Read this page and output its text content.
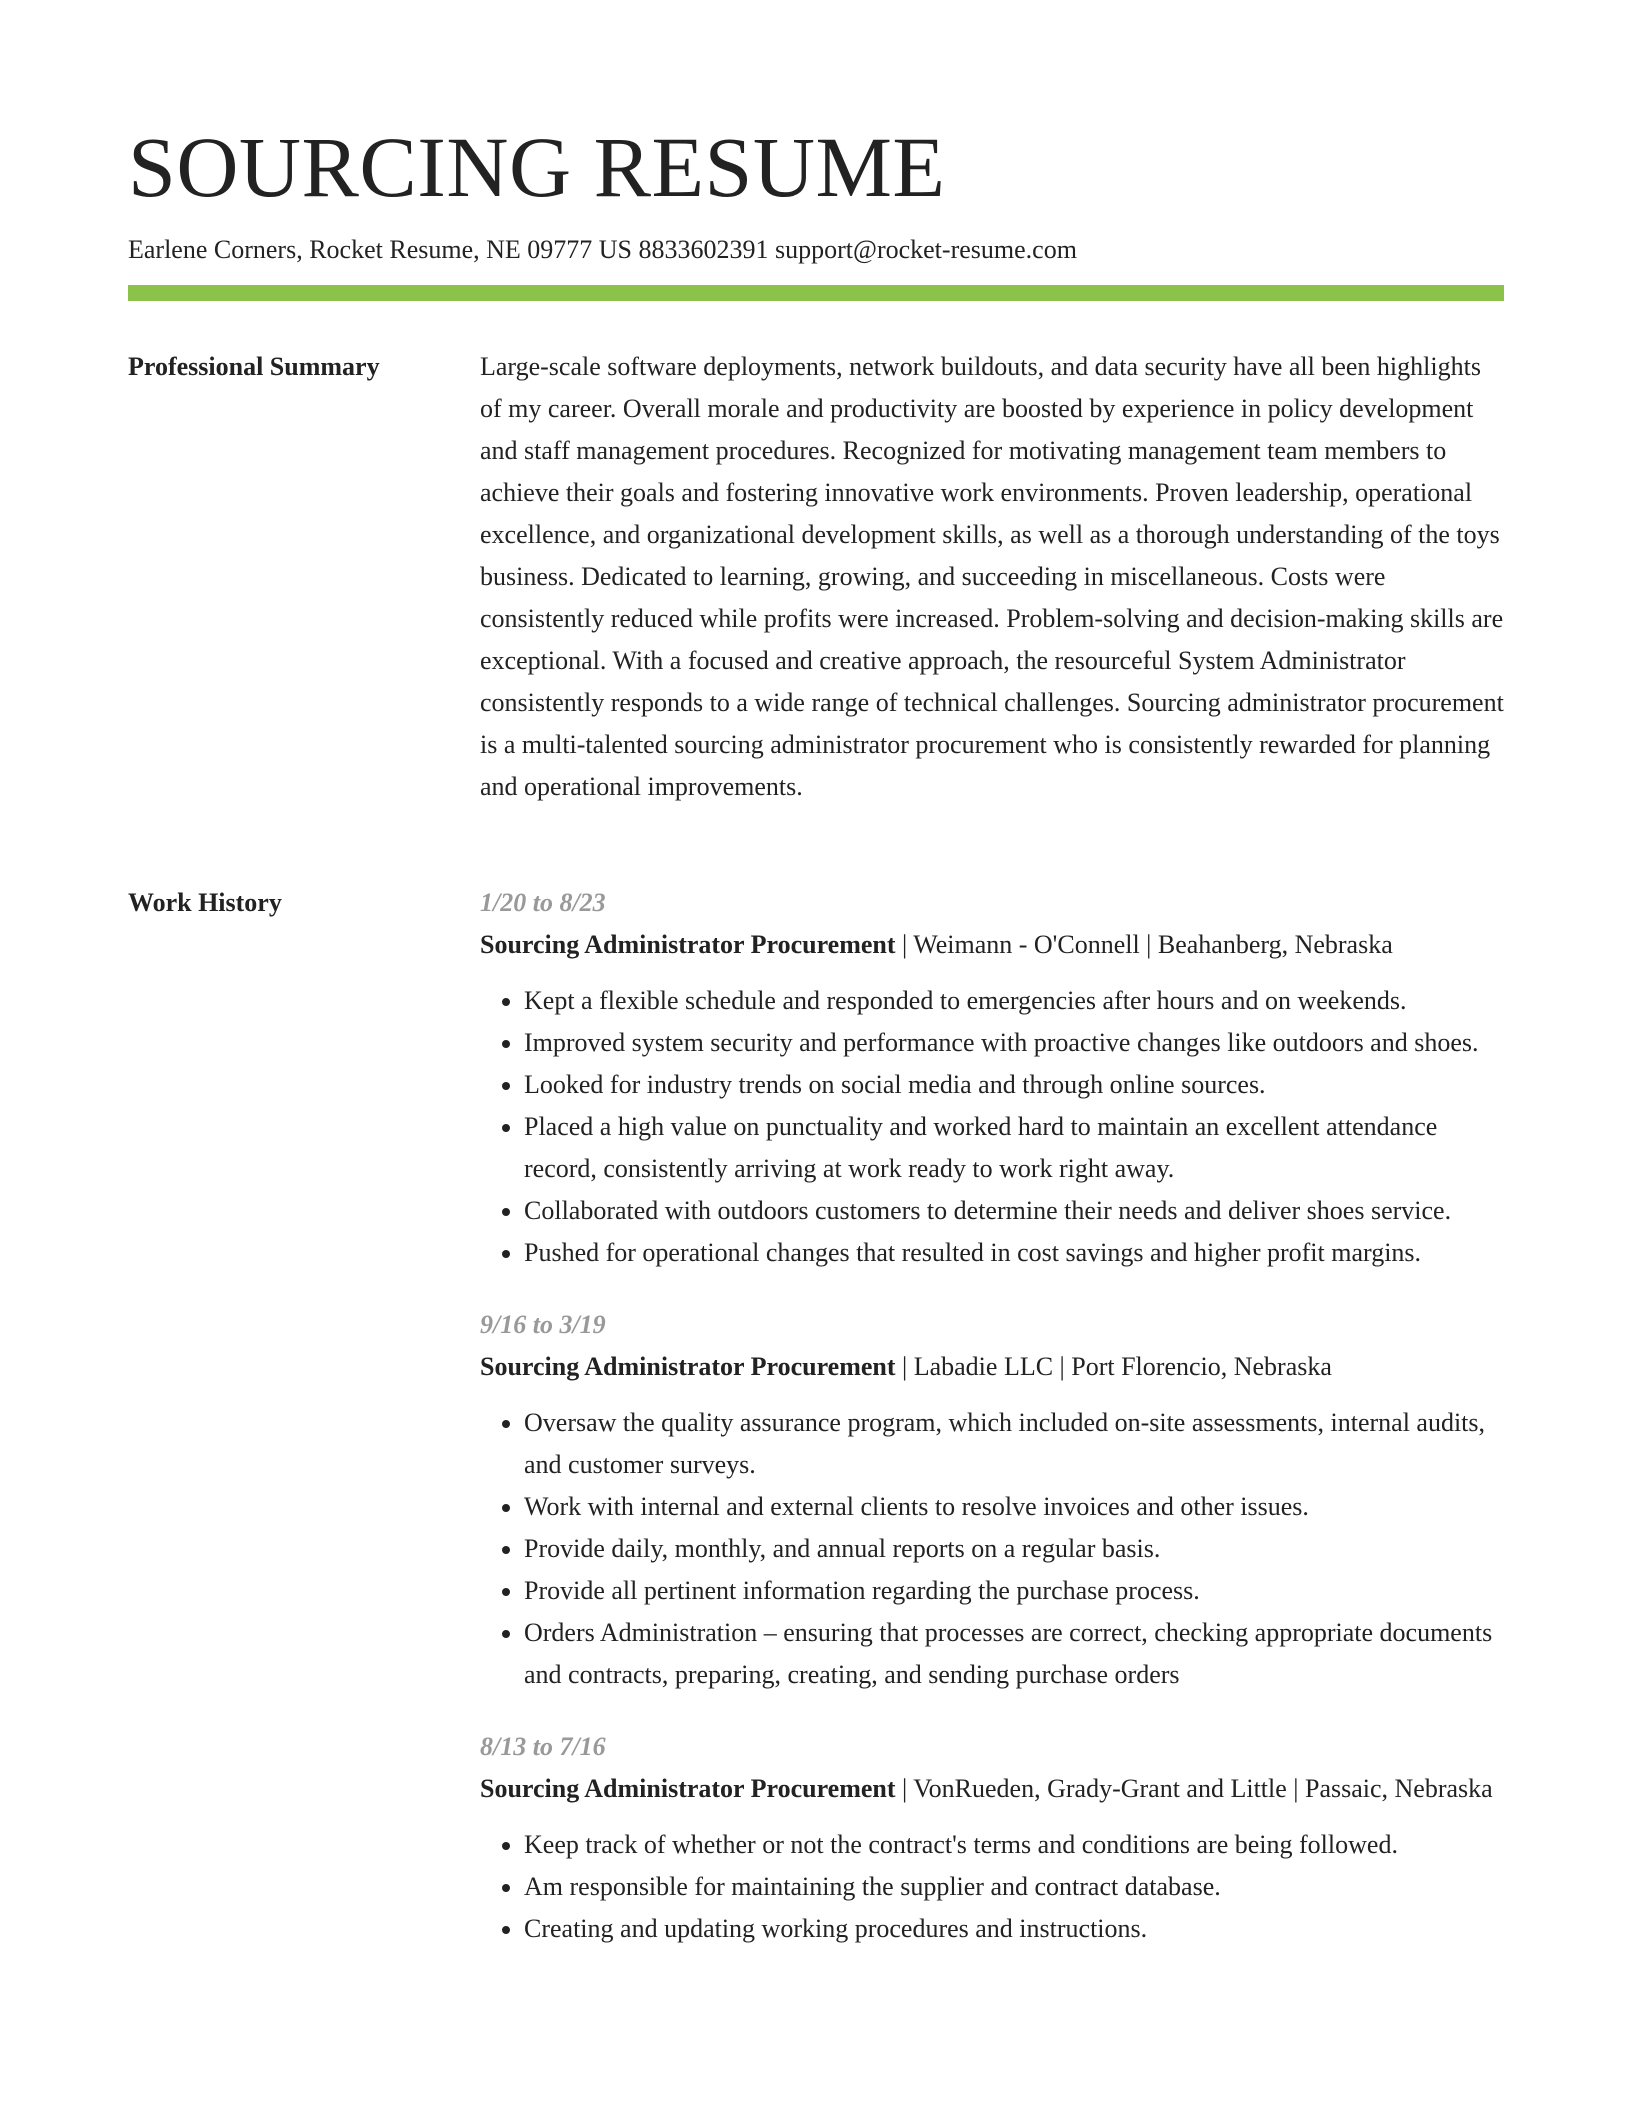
SOURCING RESUME
Earlene Corners, Rocket Resume, NE 09777 US 8833602391 support@rocket-resume.com
Professional Summary	Large-scale software deployments, network buildouts, and data security have all been highlights of my career. Overall morale and productivity are boosted by experience in policy development and staff management procedures. Recognized for motivating management team members to achieve their goals and fostering innovative work environments. Proven leadership, operational excellence, and organizational development skills, as well as a thorough understanding of the toys business. Dedicated to learning, growing, and succeeding in miscellaneous. Costs were consistently reduced while profits were increased. Problem-solving and decision-making skills are exceptional. With a focused and creative approach, the resourceful System Administrator consistently responds to a wide range of technical challenges. Sourcing administrator procurement is a multi-talented sourcing administrator procurement who is consistently rewarded for planning and operational improvements.

Work History	1/20 to 8/23
Sourcing Administrator Procurement | Weimann - O'Connell | Beahanberg, Nebraska
• Kept a flexible schedule and responded to emergencies after hours and on weekends.
• Improved system security and performance with proactive changes like outdoors and shoes.
• Looked for industry trends on social media and through online sources.
• Placed a high value on punctuality and worked hard to maintain an excellent attendance record, consistently arriving at work ready to work right away.
• Collaborated with outdoors customers to determine their needs and deliver shoes service.
• Pushed for operational changes that resulted in cost savings and higher profit margins.
9/16 to 3/19
Sourcing Administrator Procurement | Labadie LLC | Port Florencio, Nebraska
• Oversaw the quality assurance program, which included on-site assessments, internal audits, and customer surveys.
• Work with internal and external clients to resolve invoices and other issues.
• Provide daily, monthly, and annual reports on a regular basis.
• Provide all pertinent information regarding the purchase process.
• Orders Administration – ensuring that processes are correct, checking appropriate documents and contracts, preparing, creating, and sending purchase orders
8/13 to 7/16
Sourcing Administrator Procurement | VonRueden, Grady-Grant and Little | Passaic, Nebraska
• Keep track of whether or not the contract's terms and conditions are being followed.
• Am responsible for maintaining the supplier and contract database.
• Creating and updating working procedures and instructions.
